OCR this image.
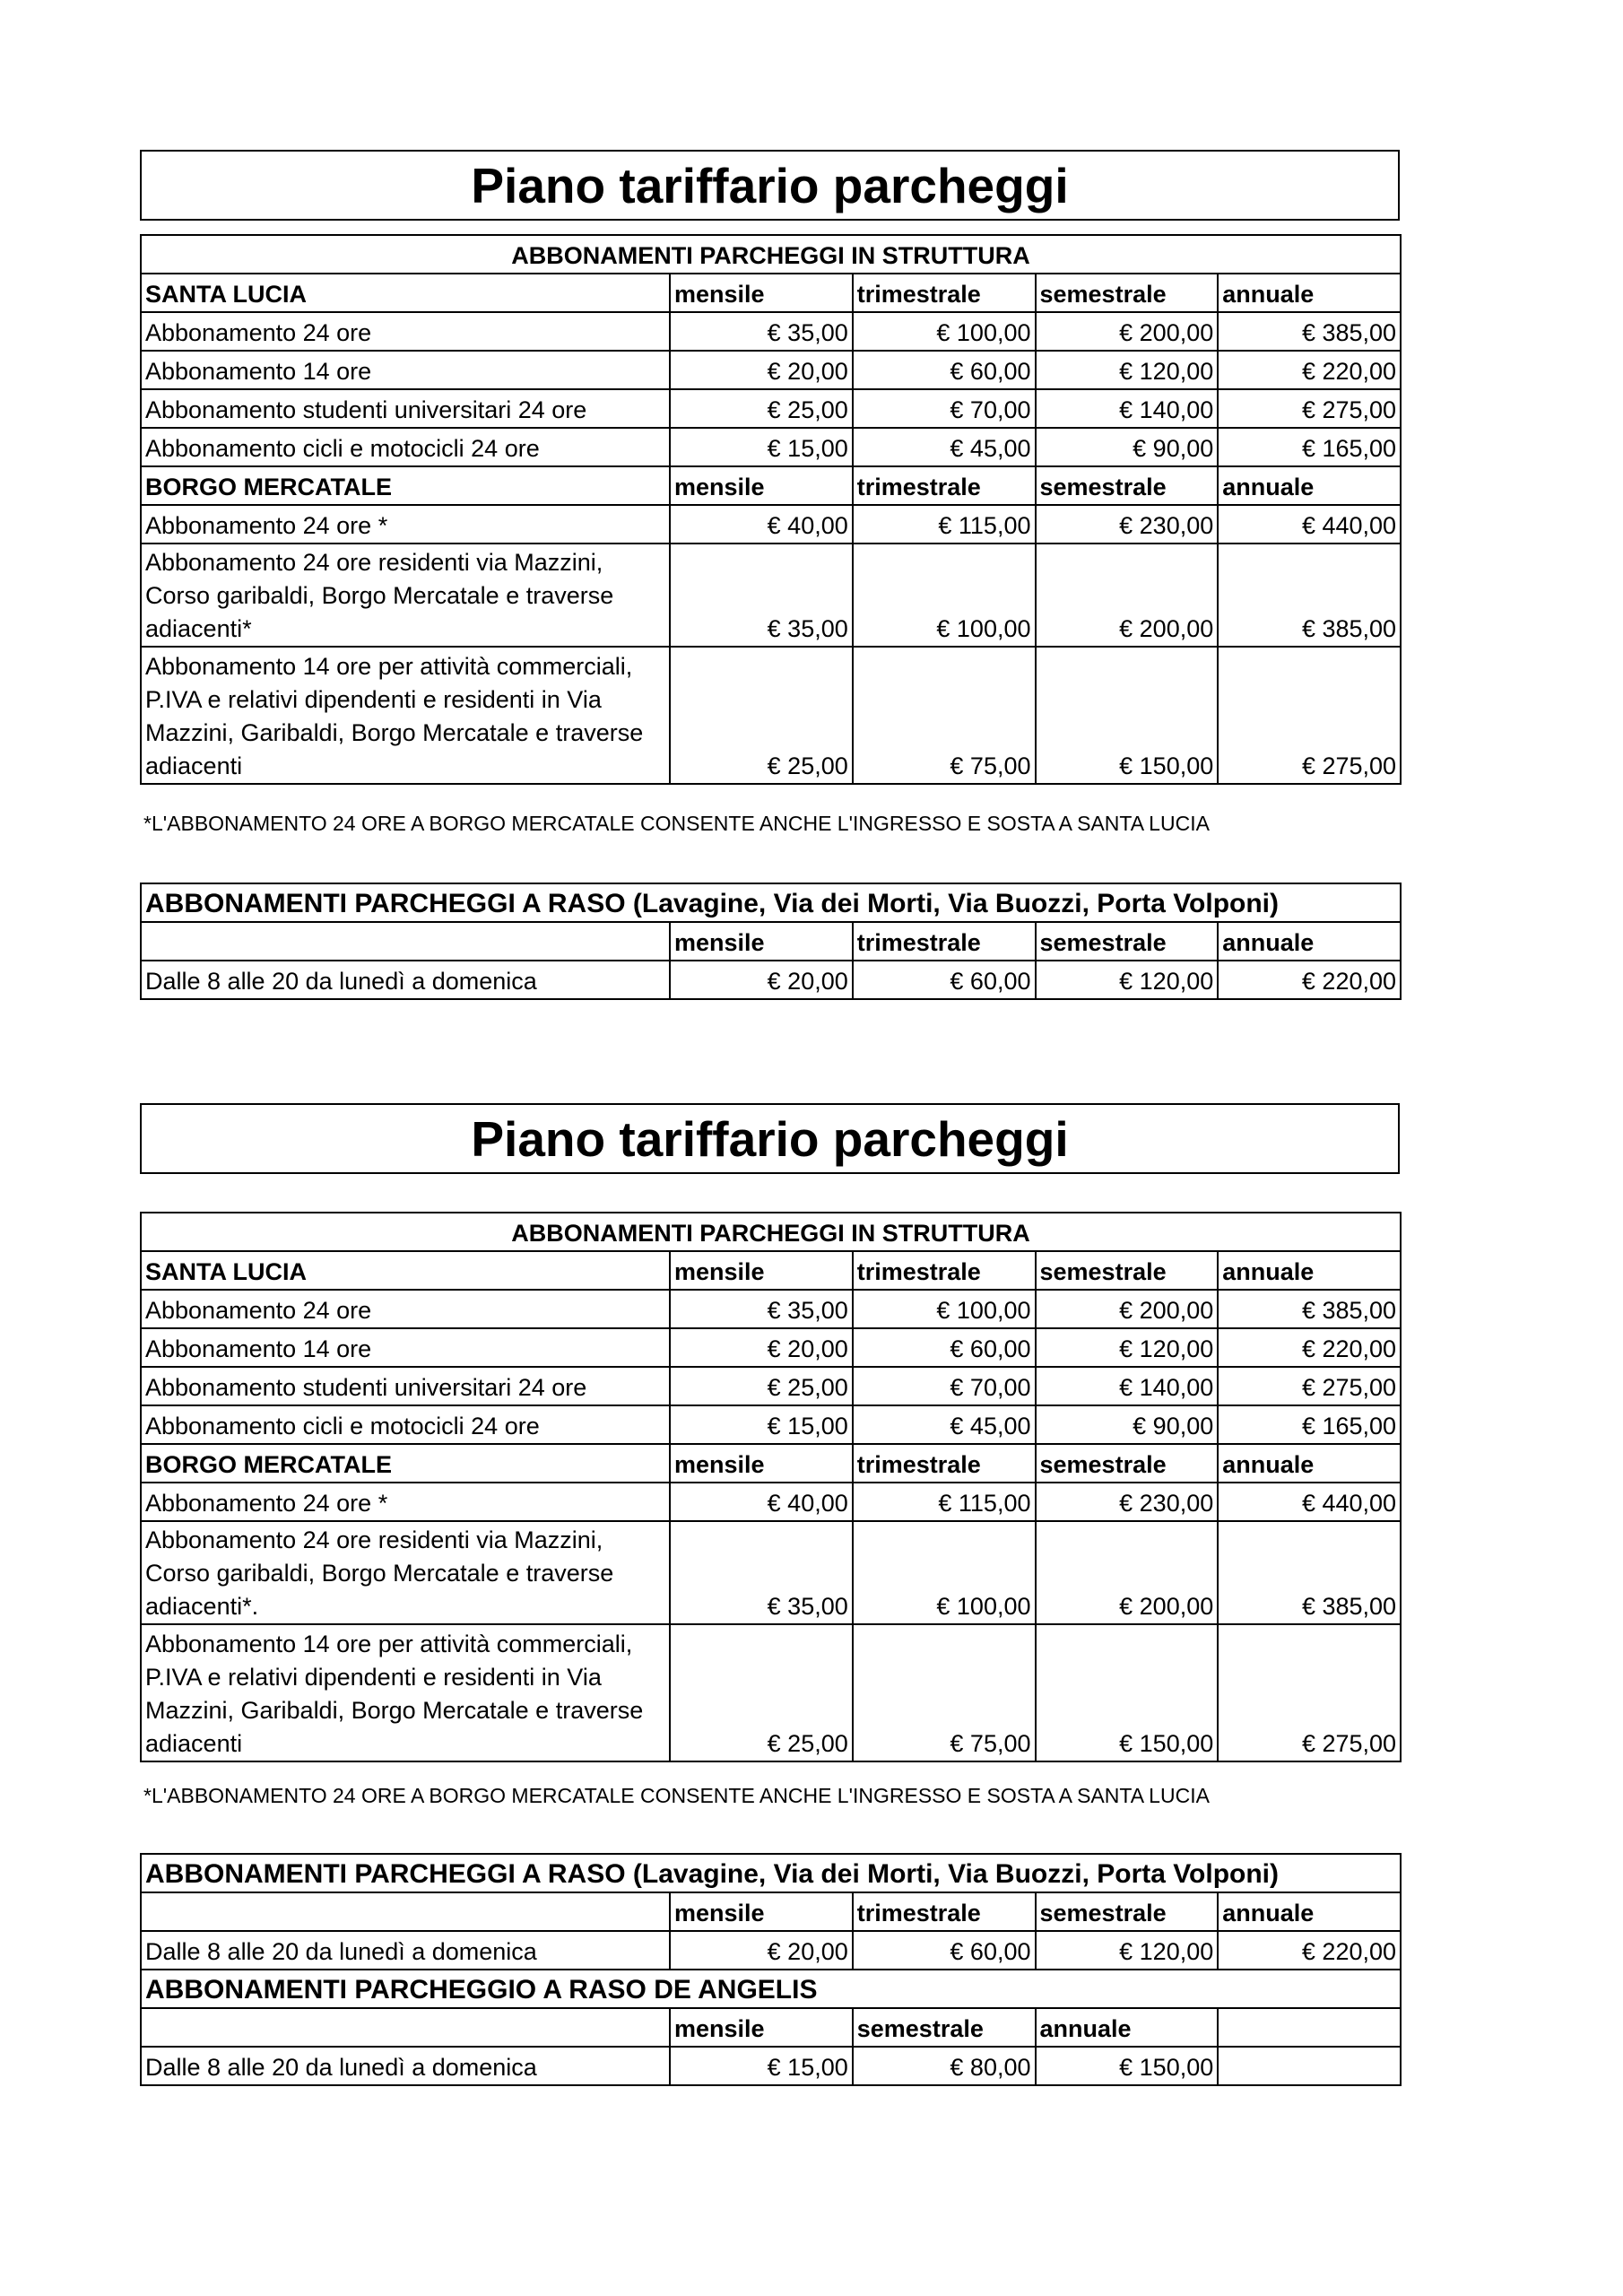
Piano tariffario parcheggi
ABBONAMENTI PARCHEGGI IN STRUTTURA				
SANTA LUCIA	mensile	trimestrale	semestrale	annuale
Abbonamento 24 ore	€ 35,00	€ 100,00	€ 200,00	€ 385,00
Abbonamento 14 ore	€ 20,00	€ 60,00	€ 120,00	€ 220,00
Abbonamento studenti universitari 24 ore	€ 25,00	€ 70,00	€ 140,00	€ 275,00
Abbonamento cicli e motocicli 24 ore	€ 15,00	€ 45,00	€ 90,00	€ 165,00
BORGO MERCATALE	mensile	trimestrale	semestrale	annuale
Abbonamento 24 ore *	€ 40,00	€ 115,00	€ 230,00	€ 440,00
Abbonamento 24 ore residenti via Mazzini, Corso garibaldi, Borgo Mercatale e traverse adiacenti*	€ 35,00	€ 100,00	€ 200,00	€ 385,00
Abbonamento 14 ore per attività commerciali, P.IVA e relativi dipendenti e residenti in Via Mazzini, Garibaldi, Borgo Mercatale e traverse adiacenti	€ 25,00	€ 75,00	€ 150,00	€ 275,00
*L'ABBONAMENTO 24 ORE A BORGO MERCATALE CONSENTE ANCHE L'INGRESSO E SOSTA A SANTA LUCIA
ABBONAMENTI PARCHEGGI A RASO (Lavagine, Via dei Morti, Via Buozzi, Porta Volponi)				
	mensile	trimestrale	semestrale	annuale
Dalle 8 alle 20 da lunedì a domenica	€ 20,00	€ 60,00	€ 120,00	€ 220,00
Piano tariffario parcheggi
ABBONAMENTI PARCHEGGI IN STRUTTURA				
SANTA LUCIA	mensile	trimestrale	semestrale	annuale
Abbonamento 24 ore	€ 35,00	€ 100,00	€ 200,00	€ 385,00
Abbonamento 14 ore	€ 20,00	€ 60,00	€ 120,00	€ 220,00
Abbonamento studenti universitari 24 ore	€ 25,00	€ 70,00	€ 140,00	€ 275,00
Abbonamento cicli e motocicli 24 ore	€ 15,00	€ 45,00	€ 90,00	€ 165,00
BORGO MERCATALE	mensile	trimestrale	semestrale	annuale
Abbonamento 24 ore *	€ 40,00	€ 115,00	€ 230,00	€ 440,00
Abbonamento 24 ore residenti via Mazzini, Corso garibaldi, Borgo Mercatale e traverse adiacenti*.	€ 35,00	€ 100,00	€ 200,00	€ 385,00
Abbonamento 14 ore per attività commerciali, P.IVA e relativi dipendenti e residenti in Via Mazzini, Garibaldi, Borgo Mercatale e traverse adiacenti	€ 25,00	€ 75,00	€ 150,00	€ 275,00
*L'ABBONAMENTO 24 ORE A BORGO MERCATALE CONSENTE ANCHE L'INGRESSO E SOSTA A SANTA LUCIA
ABBONAMENTI PARCHEGGI A RASO (Lavagine, Via dei Morti, Via Buozzi, Porta Volponi)				
	mensile	trimestrale	semestrale	annuale
Dalle 8 alle 20 da lunedì a domenica	€ 20,00	€ 60,00	€ 120,00	€ 220,00
ABBONAMENTI PARCHEGGIO A RASO DE ANGELIS				
	mensile	semestrale	annuale	
Dalle 8 alle 20 da lunedì a domenica	€ 15,00	€ 80,00	€ 150,00	
